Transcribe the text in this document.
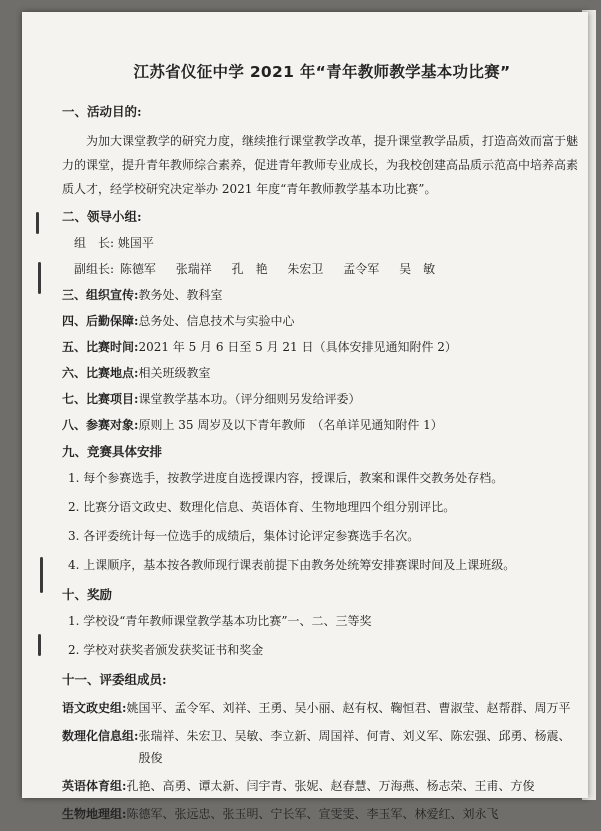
江苏省仪征中学 2021 年“青年教师教学基本功比赛”
一、活动目的:
为加大课堂教学的研究力度，继续推行课堂教学改革，提升课堂教学品质，打造高效而富于魅力的课堂，提升青年教师综合素养，促进青年教师专业成长，为我校创建高品质示范高中培养高素质人才，经学校研究决定举办 2021 年度“青年教师教学基本功比赛”。
二、领导小组:
组　长: 姚国平
副组长: 陈德军 张瑞祥 孔　艳 朱宏卫 孟令军 吴　敏
三、组织宣传:教务处、教科室
四、后勤保障:总务处、信息技术与实验中心
五、比赛时间:2021 年 5 月 6 日至 5 月 21 日（具体安排见通知附件 2）
六、比赛地点:相关班级教室
七、比赛项目:课堂教学基本功。（评分细则另发给评委）
八、参赛对象:原则上 35 周岁及以下青年教师　（名单详见通知附件 1）
九、竞赛具体安排
1. 每个参赛选手，按教学进度自选授课内容，授课后，教案和课件交教务处存档。
2. 比赛分语文政史、数理化信息、英语体育、生物地理四个组分别评比。
3. 各评委统计每一位选手的成绩后，集体讨论评定参赛选手名次。
4. 上课顺序，基本按各教师现行课表前提下由教务处统筹安排赛课时间及上课班级。
十、奖励
1. 学校设“青年教师课堂教学基本功比赛”一、二、三等奖
2. 学校对获奖者颁发获奖证书和奖金
十一、评委组成员:
语文政史组: 姚国平、孟令军、刘祥、王勇、吴小丽、赵有权、鞠恒君、曹淑莹、赵帮群、周万平
数理化信息组: 张瑞祥、朱宏卫、吴敏、李立新、周国祥、何青、刘义军、陈宏强、邱勇、杨震、殷俊
英语体育组: 孔艳、高勇、谭太新、闫宇青、张妮、赵春慧、万海燕、杨志荣、王甫、方俊
生物地理组: 陈德军、张远忠、张玉明、宁长军、宣雯雯、李玉军、林爱红、刘永飞
